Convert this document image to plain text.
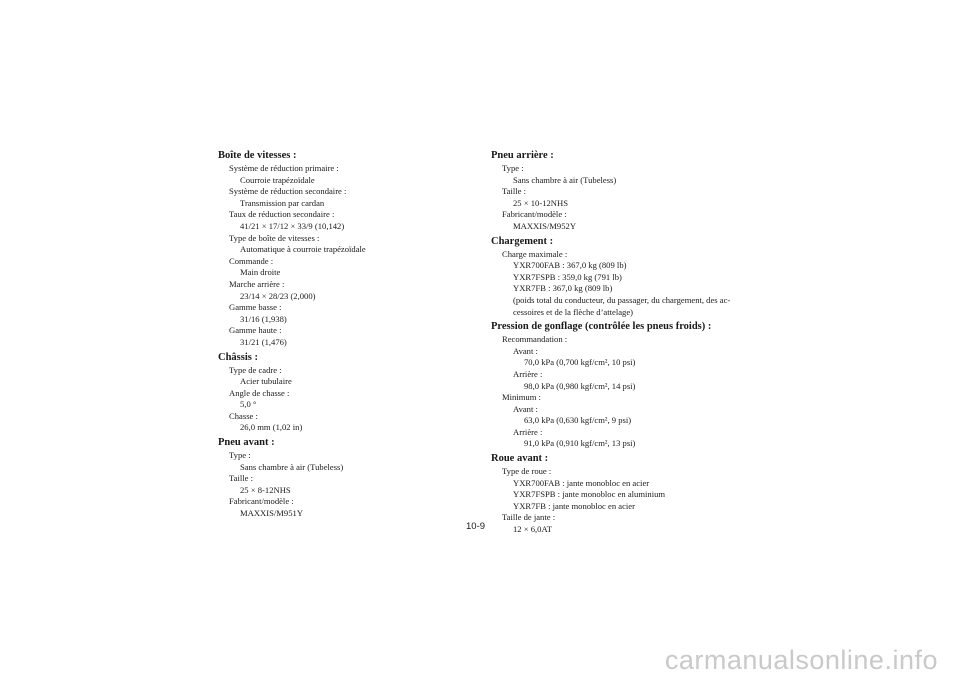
Boîte de vitesses :
Système de réduction primaire :
Courroie trapézoïdale
Système de réduction secondaire :
Transmission par cardan
Taux de réduction secondaire :
41/21 × 17/12 × 33/9 (10,142)
Type de boîte de vitesses :
Automatique à courroie trapézoïdale
Commande :
Main droite
Marche arrière :
23/14 × 28/23 (2,000)
Gamme basse :
31/16 (1,938)
Gamme haute :
31/21 (1,476)
Châssis :
Type de cadre :
Acier tubulaire
Angle de chasse :
5,0 °
Chasse :
26,0 mm (1,02 in)
Pneu avant :
Type :
Sans chambre à air (Tubeless)
Taille :
25 × 8-12NHS
Fabricant/modèle :
MAXXIS/M951Y
Pneu arrière :
Type :
Sans chambre à air (Tubeless)
Taille :
25 × 10-12NHS
Fabricant/modèle :
MAXXIS/M952Y
Chargement :
Charge maximale :
YXR700FAB : 367,0 kg (809 lb)
YXR7FSPB : 359,0 kg (791 lb)
YXR7FB : 367,0 kg (809 lb)
(poids total du conducteur, du passager, du chargement, des ac-
cessoires et de la flèche d’attelage)
Pression de gonflage (contrôlée les pneus froids) :
Recommandation :
Avant :
70,0 kPa (0,700 kgf/cm², 10 psi)
Arrière :
98,0 kPa (0,980 kgf/cm², 14 psi)
Minimum :
Avant :
63,0 kPa (0,630 kgf/cm², 9 psi)
Arrière :
91,0 kPa (0,910 kgf/cm², 13 psi)
Roue avant :
Type de roue :
YXR700FAB : jante monobloc en acier
YXR7FSPB : jante monobloc en aluminium
YXR7FB : jante monobloc en acier
Taille de jante :
12 × 6,0AT
10-9
carmanualsonline.info
